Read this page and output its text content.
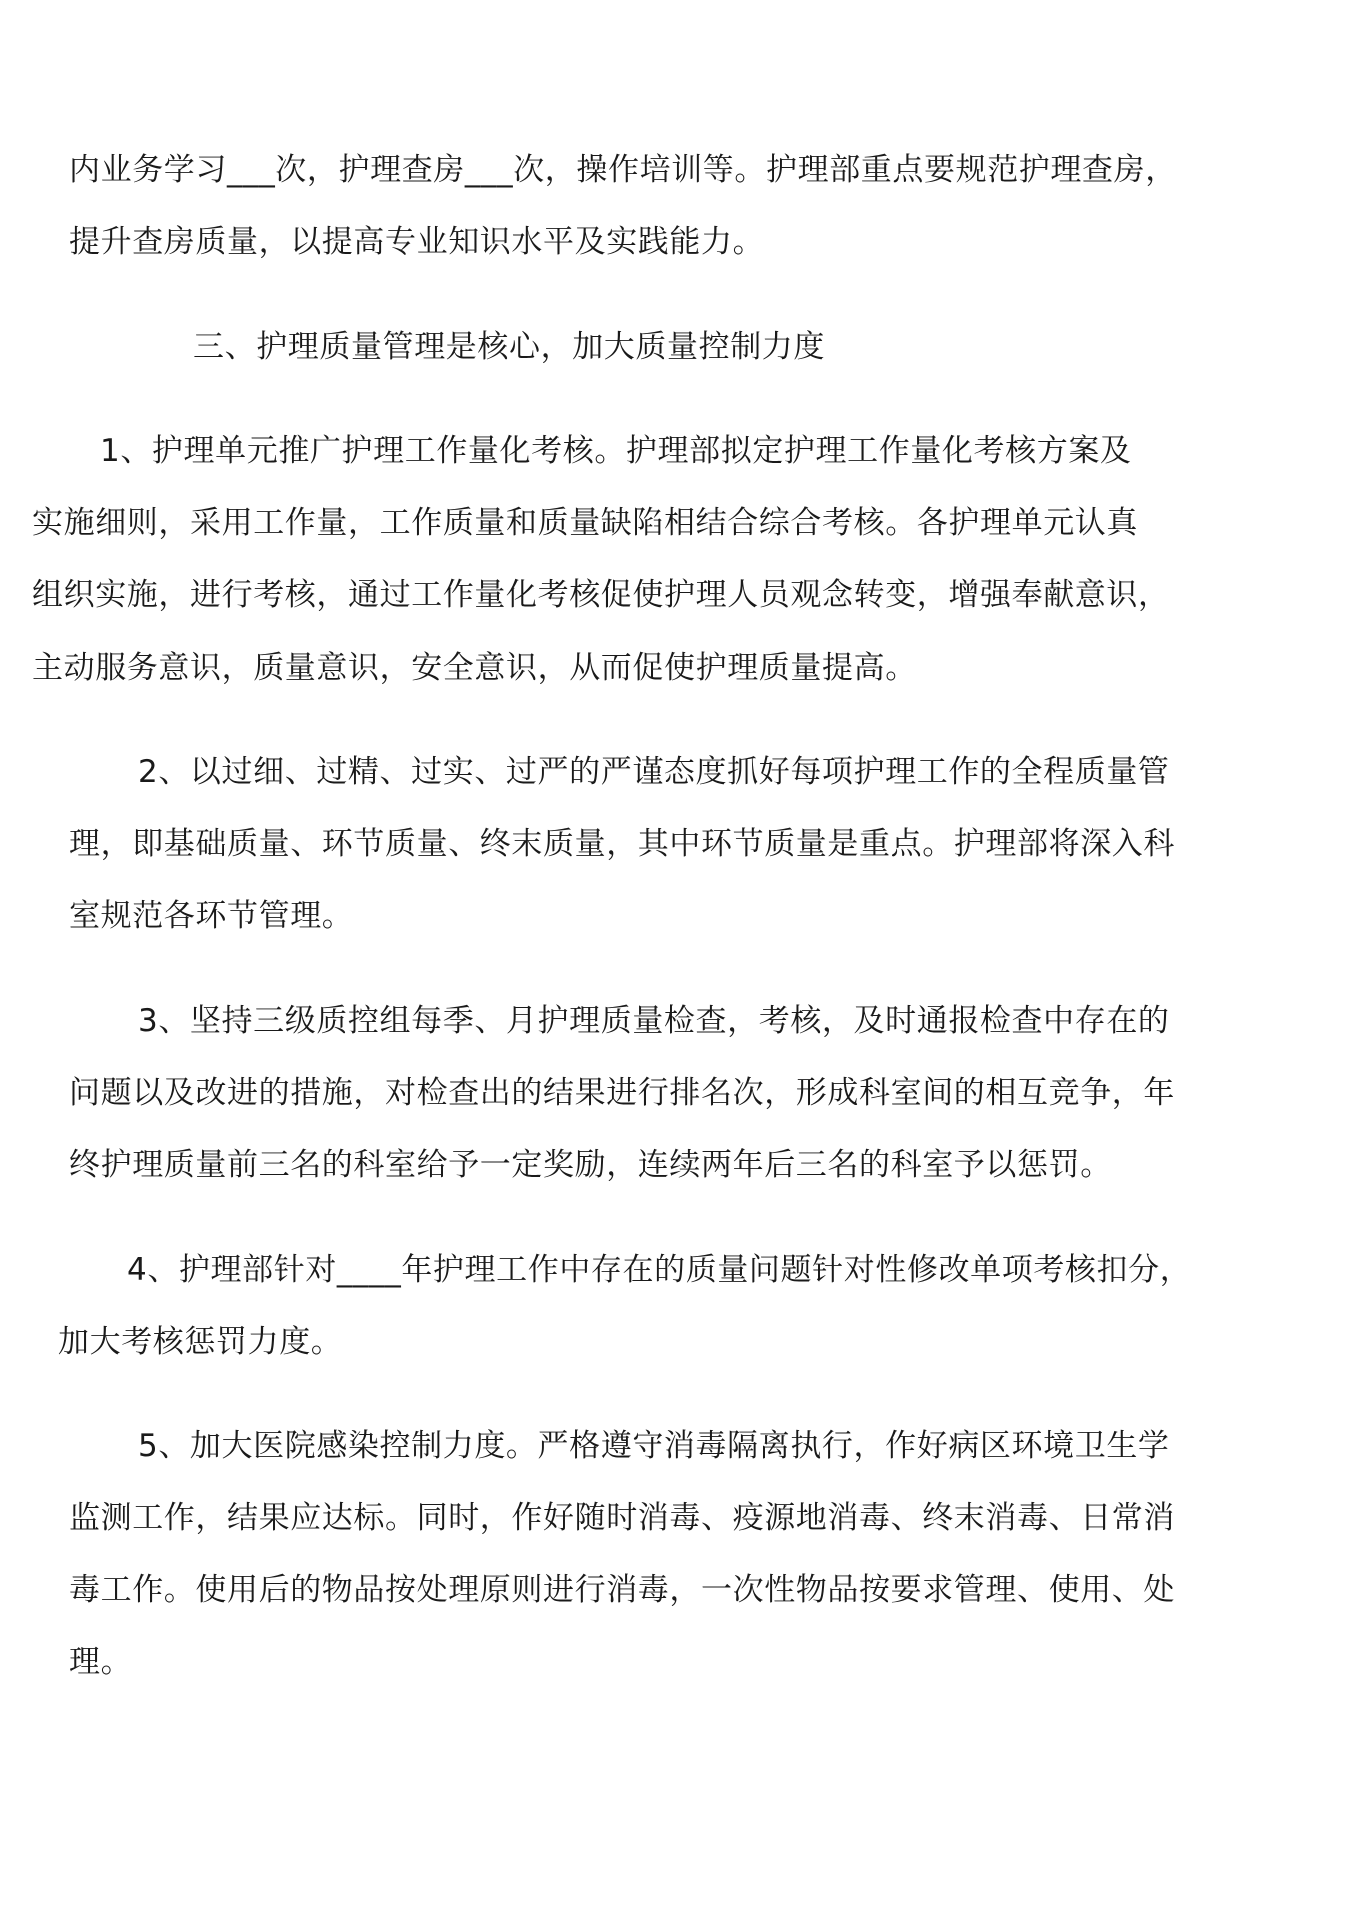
内业务学习___次，护理查房___次，操作培训等。护理部重点要规范护理查房，

提升查房质量，以提高专业知识水平及实践能力。

三、护理质量管理是核心，加大质量控制力度

1、护理单元推广护理工作量化考核。护理部拟定护理工作量化考核方案及

实施细则，采用工作量，工作质量和质量缺陷相结合综合考核。各护理单元认真

组织实施，进行考核，通过工作量化考核促使护理人员观念转变，增强奉献意识，

主动服务意识，质量意识，安全意识，从而促使护理质量提高。

2、以过细、过精、过实、过严的严谨态度抓好每项护理工作的全程质量管

理，即基础质量、环节质量、终末质量，其中环节质量是重点。护理部将深入科

室规范各环节管理。

3、坚持三级质控组每季、月护理质量检查，考核，及时通报检查中存在的

问题以及改进的措施，对检查出的结果进行排名次，形成科室间的相互竞争，年

终护理质量前三名的科室给予一定奖励，连续两年后三名的科室予以惩罚。

4、护理部针对____年护理工作中存在的质量问题针对性修改单项考核扣分，

加大考核惩罚力度。

5、加大医院感染控制力度。严格遵守消毒隔离执行，作好病区环境卫生学

监测工作，结果应达标。同时，作好随时消毒、疫源地消毒、终末消毒、日常消

毒工作。使用后的物品按处理原则进行消毒，一次性物品按要求管理、使用、处

理。
